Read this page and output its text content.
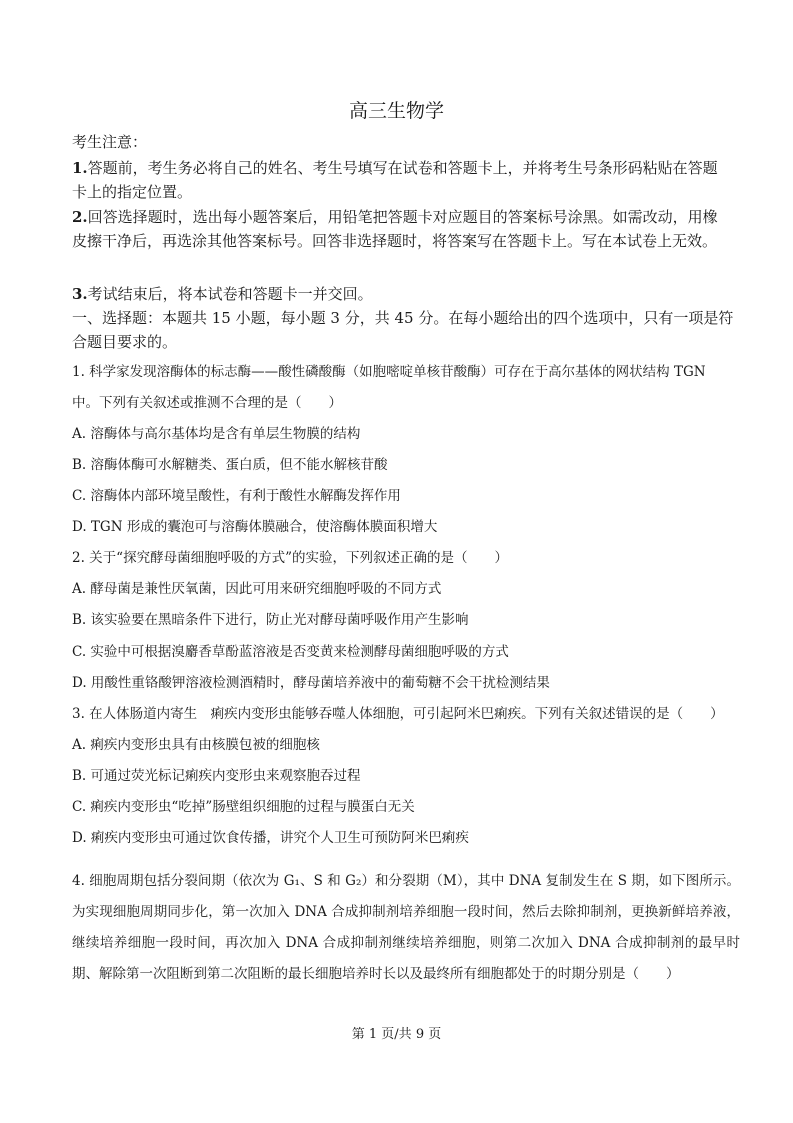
高三生物学
考生注意：
1.答题前，考生务必将自己的姓名、考生号填写在试卷和答题卡上，并将考生号条形码粘贴在答题卡上的指定位置。
2.回答选择题时，选出每小题答案后，用铅笔把答题卡对应题目的答案标号涂黑。如需改动，用橡皮擦干净后，再选涂其他答案标号。回答非选择题时，将答案写在答题卡上。写在本试卷上无效。
3.考试结束后，将本试卷和答题卡一并交回。
一、选择题：本题共 15 小题，每小题 3 分，共 45 分。在每小题给出的四个选项中，只有一项是符合题目要求的。
1. 科学家发现溶酶体的标志酶——酸性磷酸酶（如胞嘧啶单核苷酸酶）可存在于高尔基体的网状结构 TGN
中。下列有关叙述或推测不合理的是（　　）
A. 溶酶体与高尔基体均是含有单层生物膜的结构
B. 溶酶体酶可水解糖类、蛋白质，但不能水解核苷酸
C. 溶酶体内部环境呈酸性，有利于酸性水解酶发挥作用
D. TGN 形成的囊泡可与溶酶体膜融合，使溶酶体膜面积增大
2. 关于“探究酵母菌细胞呼吸的方式”的实验，下列叙述正确的是（　　）
A. 酵母菌是兼性厌氧菌，因此可用来研究细胞呼吸的不同方式
B. 该实验要在黑暗条件下进行，防止光对酵母菌呼吸作用产生影响
C. 实验中可根据溴麝香草酚蓝溶液是否变黄来检测酵母菌细胞呼吸的方式
D. 用酸性重铬酸钾溶液检测酒精时，酵母菌培养液中的葡萄糖不会干扰检测结果
3. 在人体肠道内寄生　痢疾内变形虫能够吞噬人体细胞，可引起阿米巴痢疾。下列有关叙述错误的是（　　）
A. 痢疾内变形虫具有由核膜包被的细胞核
B. 可通过荧光标记痢疾内变形虫来观察胞吞过程
C. 痢疾内变形虫“吃掉”肠壁组织细胞的过程与膜蛋白无关
D. 痢疾内变形虫可通过饮食传播，讲究个人卫生可预防阿米巴痢疾
4. 细胞周期包括分裂间期（依次为 G₁、S 和 G₂）和分裂期（M），其中 DNA 复制发生在 S 期，如下图所示。为实现细胞周期同步化，第一次加入 DNA 合成抑制剂培养细胞一段时间，然后去除抑制剂，更换新鲜培养液，继续培养细胞一段时间，再次加入 DNA 合成抑制剂继续培养细胞，则第二次加入 DNA 合成抑制剂的最早时期、解除第一次阻断到第二次阻断的最长细胞培养时长以及最终所有细胞都处于的时期分别是（　　）
第 1 页/共 9 页
